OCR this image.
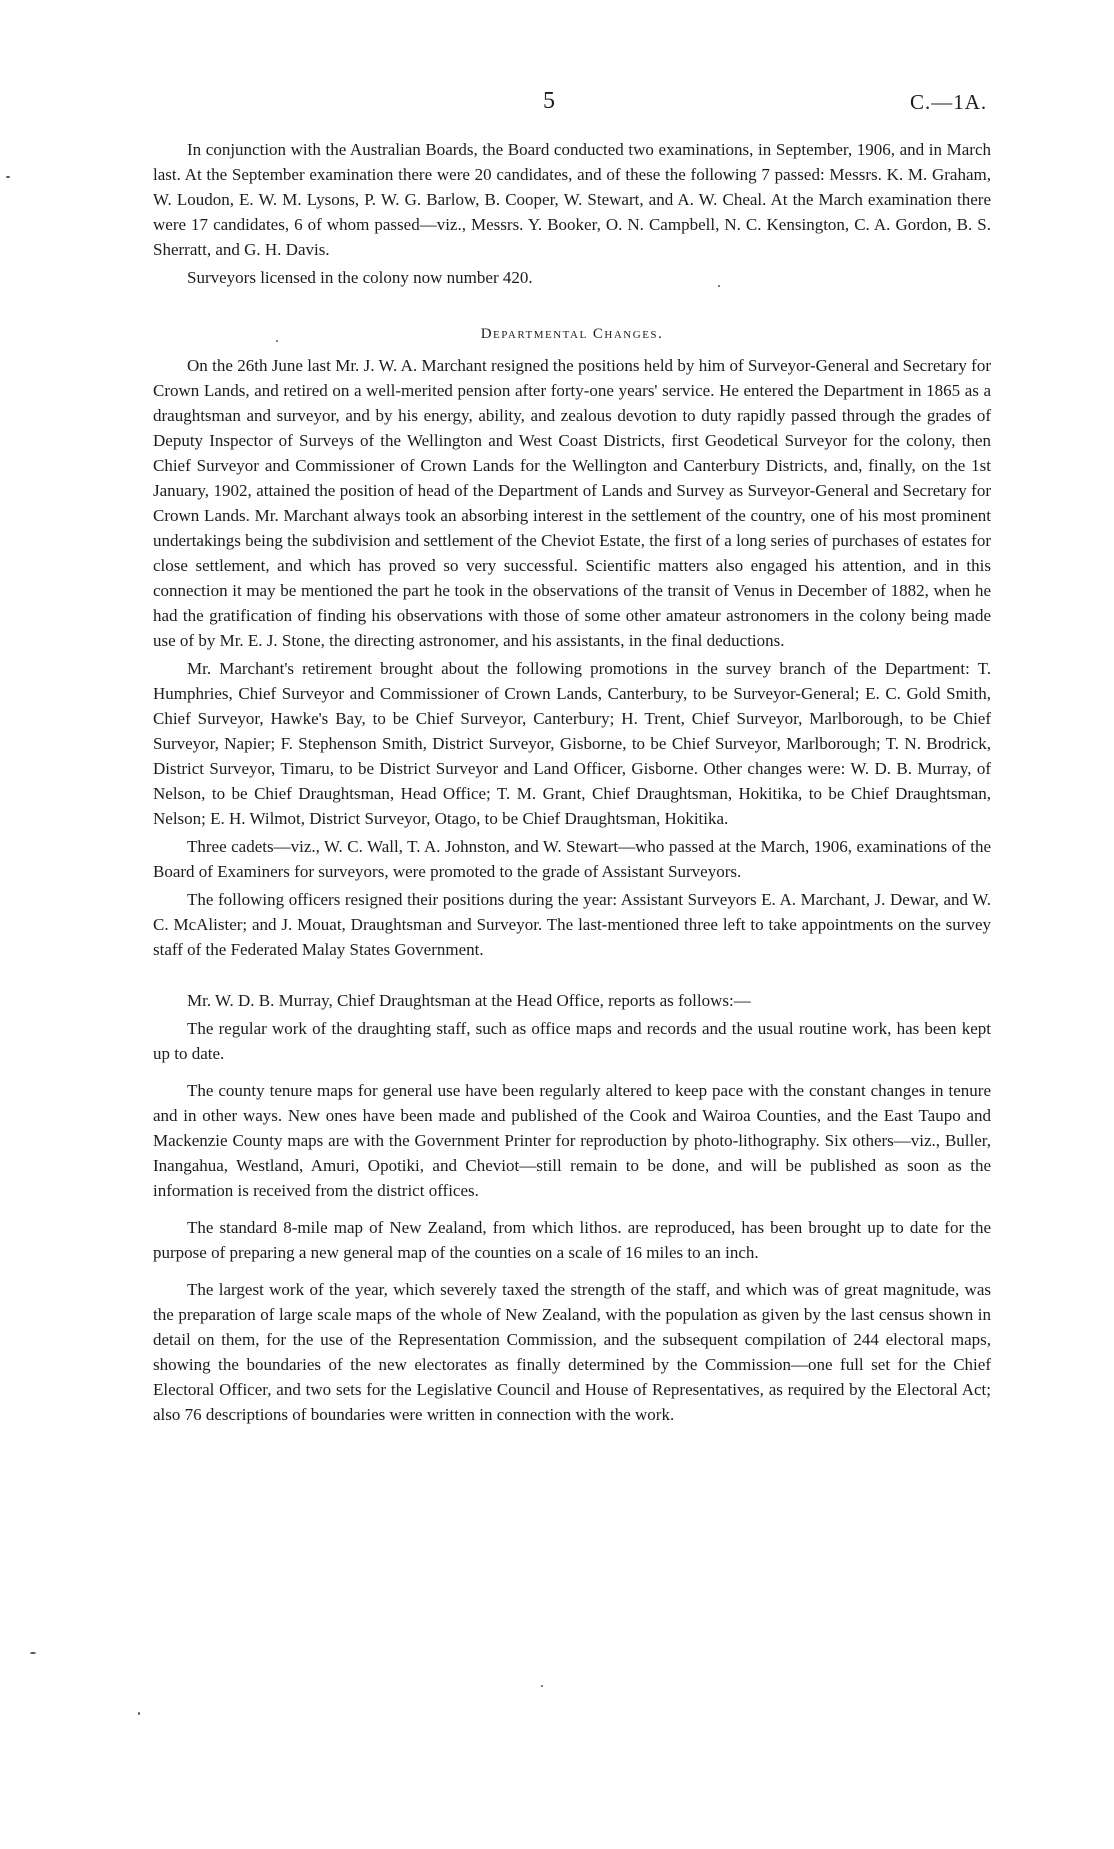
5	C.—1A.

In conjunction with the Australian Boards, the Board conducted two examinations, in September, 1906, and in March last. At the September examination there were 20 candidates, and of these the following 7 passed: Messrs. K. M. Graham, W. Loudon, E. W. M. Lysons, P. W. G. Barlow, B. Cooper, W. Stewart, and A. W. Cheal. At the March examination there were 17 candidates, 6 of whom passed—viz., Messrs. Y. Booker, O. N. Campbell, N. C. Kensington, C. A. Gordon, B. S. Sherratt, and G. H. Davis.

Surveyors licensed in the colony now number 420.

Departmental Changes.

On the 26th June last Mr. J. W. A. Marchant resigned the positions held by him of Surveyor-General and Secretary for Crown Lands, and retired on a well-merited pension after forty-one years' service. He entered the Department in 1865 as a draughtsman and surveyor, and by his energy, ability, and zealous devotion to duty rapidly passed through the grades of Deputy Inspector of Surveys of the Wellington and West Coast Districts, first Geodetical Surveyor for the colony, then Chief Surveyor and Commissioner of Crown Lands for the Wellington and Canterbury Districts, and, finally, on the 1st January, 1902, attained the position of head of the Department of Lands and Survey as Surveyor-General and Secretary for Crown Lands. Mr. Marchant always took an absorbing interest in the settlement of the country, one of his most prominent undertakings being the subdivision and settlement of the Cheviot Estate, the first of a long series of purchases of estates for close settlement, and which has proved so very successful. Scientific matters also engaged his attention, and in this connection it may be mentioned the part he took in the observations of the transit of Venus in December of 1882, when he had the gratification of finding his observations with those of some other amateur astronomers in the colony being made use of by Mr. E. J. Stone, the directing astronomer, and his assistants, in the final deductions.

Mr. Marchant's retirement brought about the following promotions in the survey branch of the Department: T. Humphries, Chief Surveyor and Commissioner of Crown Lands, Canterbury, to be Surveyor-General; E. C. Gold Smith, Chief Surveyor, Hawke's Bay, to be Chief Surveyor, Canterbury; H. Trent, Chief Surveyor, Marlborough, to be Chief Surveyor, Napier; F. Stephenson Smith, District Surveyor, Gisborne, to be Chief Surveyor, Marlborough; T. N. Brodrick, District Surveyor, Timaru, to be District Surveyor and Land Officer, Gisborne. Other changes were: W. D. B. Murray, of Nelson, to be Chief Draughtsman, Head Office; T. M. Grant, Chief Draughtsman, Hokitika, to be Chief Draughtsman, Nelson; E. H. Wilmot, District Surveyor, Otago, to be Chief Draughtsman, Hokitika.

Three cadets—viz., W. C. Wall, T. A. Johnston, and W. Stewart—who passed at the March, 1906, examinations of the Board of Examiners for surveyors, were promoted to the grade of Assistant Surveyors.

The following officers resigned their positions during the year: Assistant Surveyors E. A. Marchant, J. Dewar, and W. C. McAlister; and J. Mouat, Draughtsman and Surveyor. The last-mentioned three left to take appointments on the survey staff of the Federated Malay States Government.

Mr. W. D. B. Murray, Chief Draughtsman at the Head Office, reports as follows:—

The regular work of the draughting staff, such as office maps and records and the usual routine work, has been kept up to date.

The county tenure maps for general use have been regularly altered to keep pace with the constant changes in tenure and in other ways. New ones have been made and published of the Cook and Wairoa Counties, and the East Taupo and Mackenzie County maps are with the Government Printer for reproduction by photo-lithography. Six others—viz., Buller, Inangahua, Westland, Amuri, Opotiki, and Cheviot—still remain to be done, and will be published as soon as the information is received from the district offices.

The standard 8-mile map of New Zealand, from which lithos. are reproduced, has been brought up to date for the purpose of preparing a new general map of the counties on a scale of 16 miles to an inch.

The largest work of the year, which severely taxed the strength of the staff, and which was of great magnitude, was the preparation of large scale maps of the whole of New Zealand, with the population as given by the last census shown in detail on them, for the use of the Representation Commission, and the subsequent compilation of 244 electoral maps, showing the boundaries of the new electorates as finally determined by the Commission—one full set for the Chief Electoral Officer, and two sets for the Legislative Council and House of Representatives, as required by the Electoral Act; also 76 descriptions of boundaries were written in connection with the work.
